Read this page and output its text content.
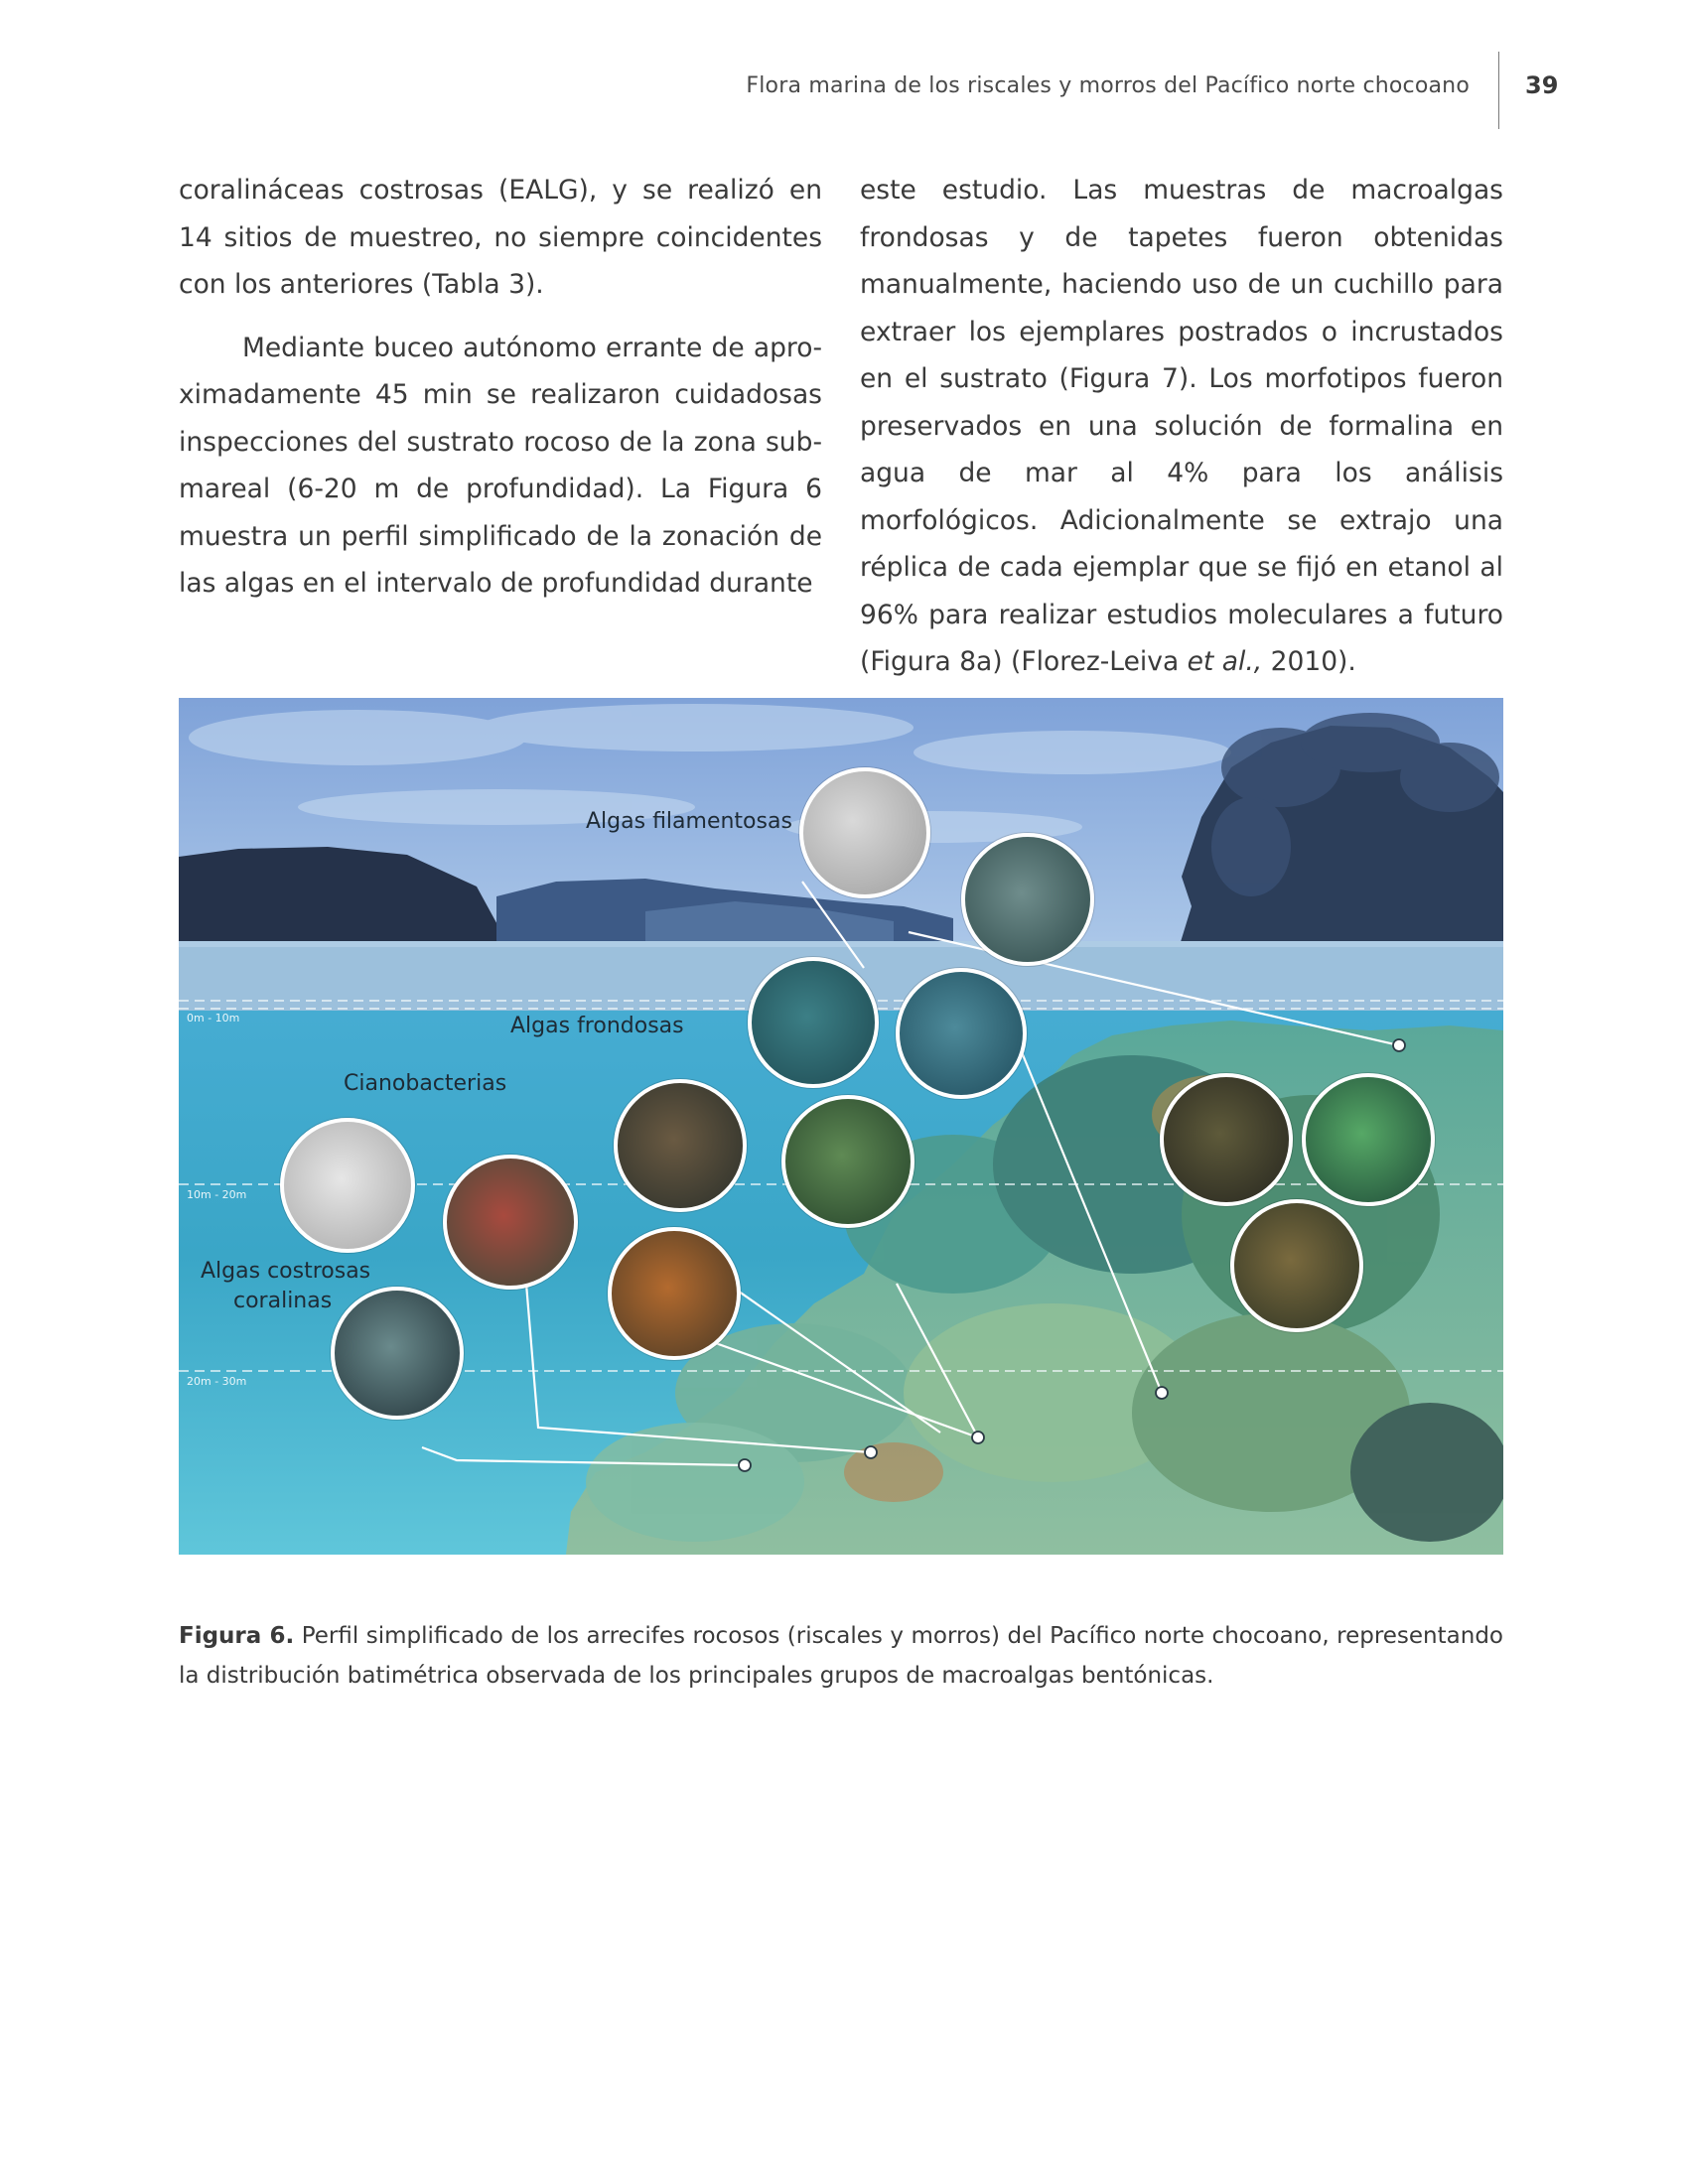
Flora marina de los riscales y morros del Pacífico norte chocoano 39

coralináceas costrosas (EALG), y se realizó en 14 sitios de muestreo, no siempre coincidentes con los anteriores (Tabla 3).

Mediante buceo autónomo errante de aproximadamente 45 min se realizaron cuidadosas inspecciones del sustrato rocoso de la zona submareal (6-20 m de profundidad). La Figura 6 muestra un perfil simplificado de la zonación de las algas en el intervalo de profundidad durante

este estudio. Las muestras de macroalgas frondosas y de tapetes fueron obtenidas manualmente, haciendo uso de un cuchillo para extraer los ejemplares postrados o incrustados en el sustrato (Figura 7). Los morfotipos fueron preservados en una solución de formalina en agua de mar al 4% para los análisis morfológicos. Adicionalmente se extrajo una réplica de cada ejemplar que se fijó en etanol al 96% para realizar estudios moleculares a futuro (Figura 8a) (Florez-Leiva et al., 2010).

Algas filamentosas
Algas frondosas
Cianobacterias
Algas costrosas
coralinas
0m - 10m
10m - 20m
20m - 30m
Figura 6. Perfil simplificado de los arrecifes rocosos (riscales y morros) del Pacífico norte chocoano, representando la distribución batimétrica observada de los principales grupos de macroalgas bentónicas.
